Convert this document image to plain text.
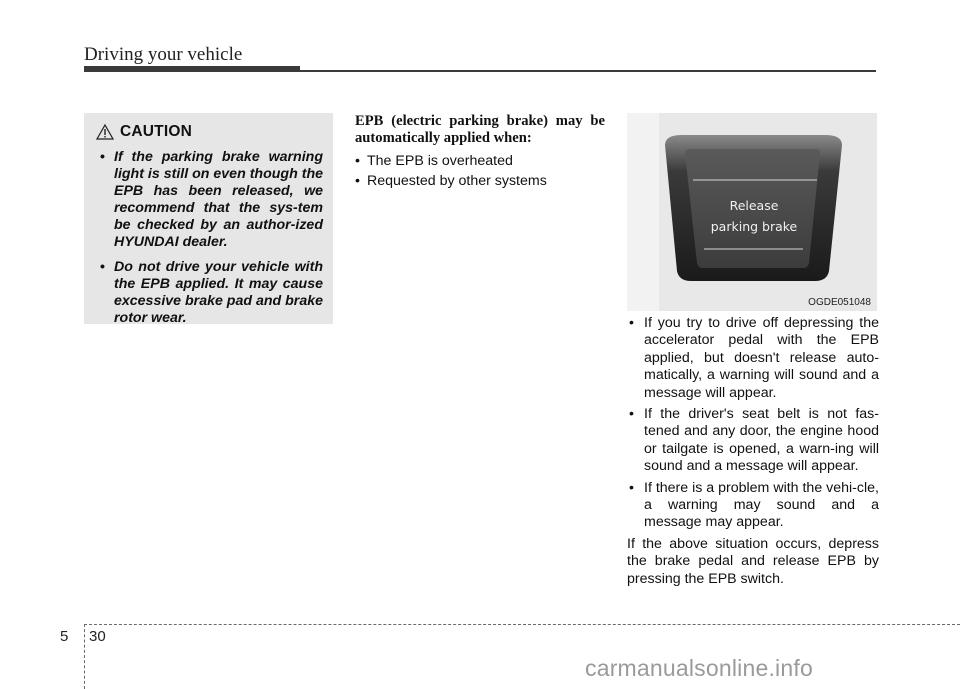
Driving your vehicle
CAUTION
• If the parking brake warning light is still on even though the EPB has been released, we recommend that the sys-tem be checked by an author-ized HYUNDAI dealer.
• Do not drive your vehicle with the EPB applied. It may cause excessive brake pad and brake rotor wear.
EPB (electric parking brake) may be automatically applied when:
• The EPB is overheated
• Requested by other systems
Release
parking brake
OGDE051048
• If you try to drive off depressing the accelerator pedal with the EPB applied, but doesn't release auto-matically, a warning will sound and a message will appear.
• If the driver's seat belt is not fas-tened and any door, the engine hood or tailgate is opened, a warn-ing will sound and a message will appear.
• If there is a problem with the vehi-cle, a warning may sound and a message may appear.
If the above situation occurs, depress the brake pedal and release EPB by pressing the EPB switch.
5 30
carmanualsonline.info
